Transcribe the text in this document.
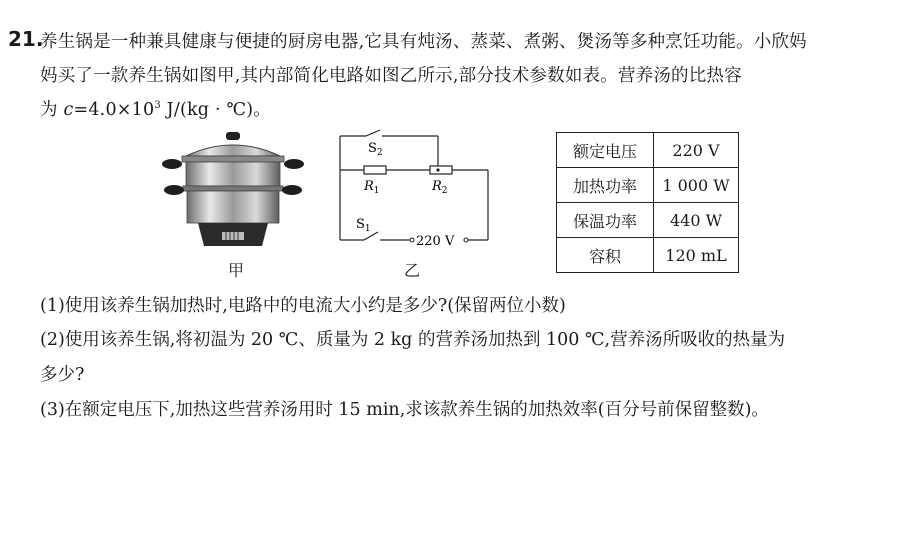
21.
养生锅是一种兼具健康与便捷的厨房电器,它具有炖汤、蒸菜、煮粥、煲汤等多种烹饪功能。小欣妈
妈买了一款养生锅如图甲,其内部简化电路如图乙所示,部分技术参数如表。营养汤的比热容
为 $c=4.0\times 10^3$ J/(kg · ℃)。
甲
$S_2$
$R_1$	$R_2$
$S_1$
220 V
乙
额定电压	220 V
加热功率	1 000 W
保温功率	440 W
容积	120 mL
(1)使用该养生锅加热时,电路中的电流大小约是多少?(保留两位小数)
(2)使用该养生锅,将初温为 20 ℃、质量为 2 kg 的营养汤加热到 100 ℃,营养汤所吸收的热量为
多少?
(3)在额定电压下,加热这些营养汤用时 15 min,求该款养生锅的加热效率(百分号前保留整数)。
